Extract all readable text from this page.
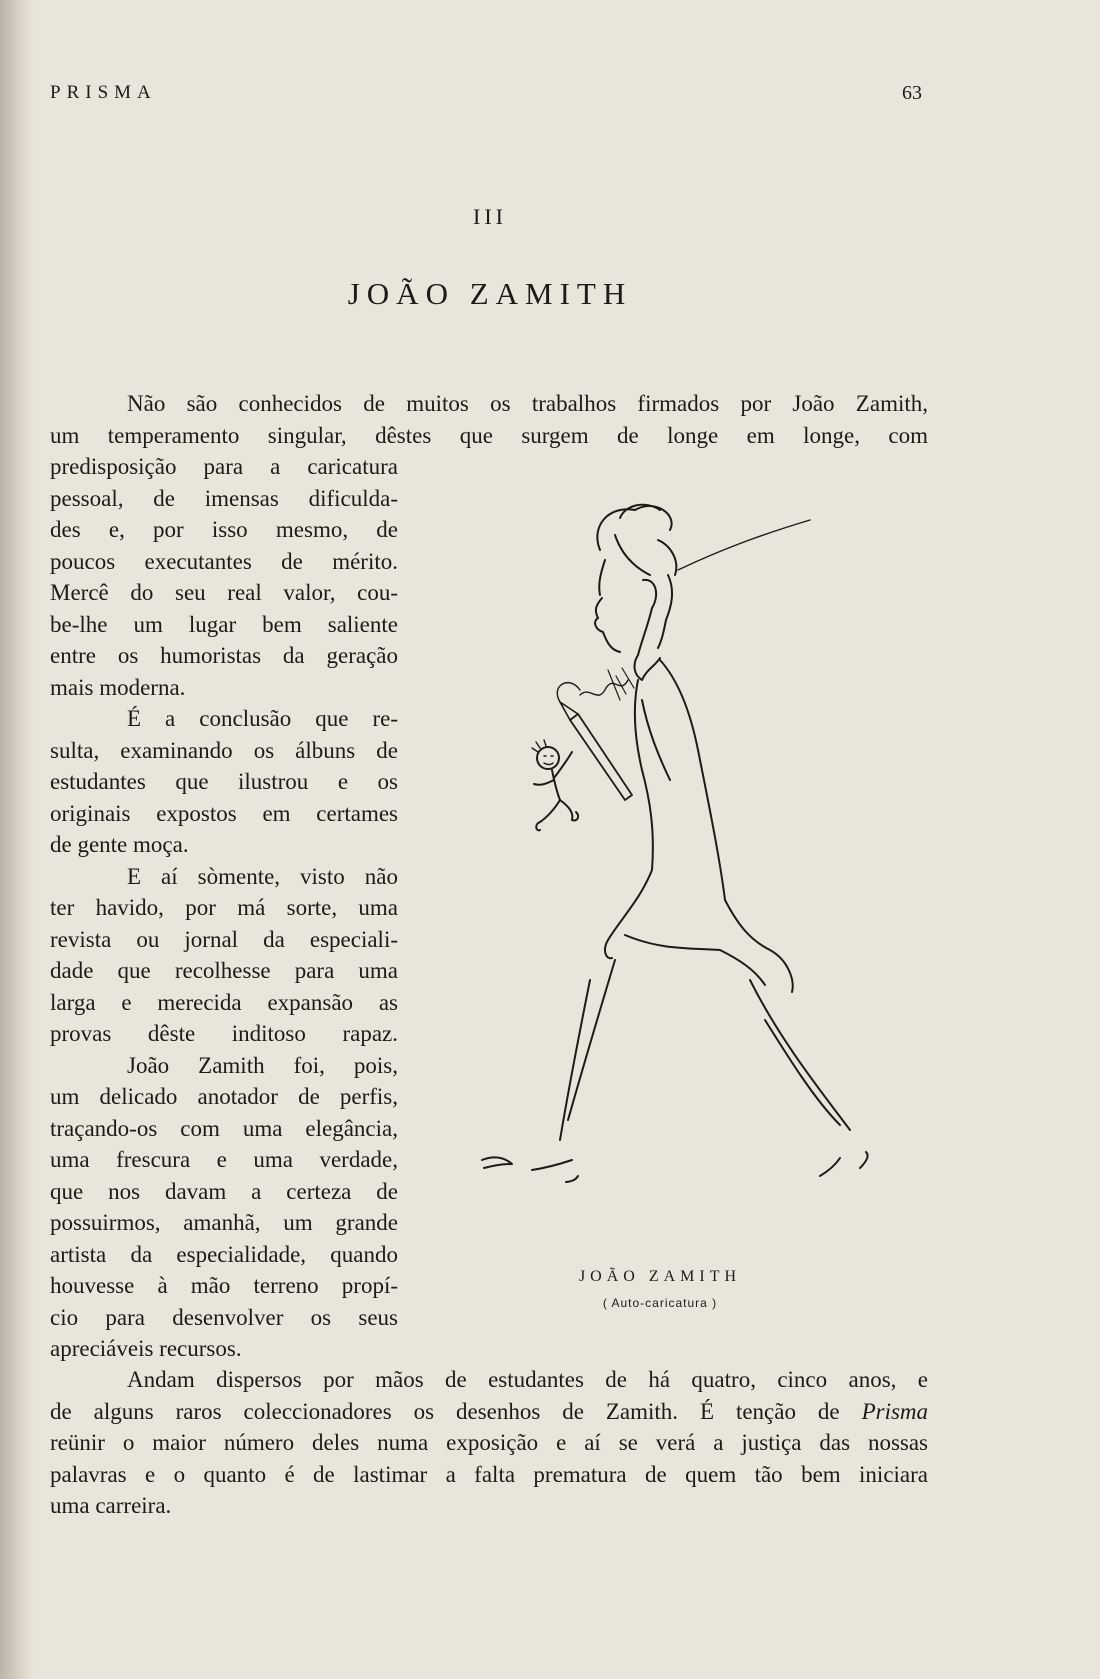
PRISMA	63
III
JOÃO ZAMITH
Não são conhecidos de muitos os trabalhos firmados por João Zamith,
um temperamento singular, dêstes que surgem de longe em longe, com
predisposição para a caricatura
pessoal, de imensas dificulda-
des e, por isso mesmo, de
poucos executantes de mérito.
Mercê do seu real valor, cou-
be-lhe um lugar bem saliente
entre os humoristas da geração
mais moderna.
É a conclusão que re-
sulta, examinando os álbuns de
estudantes que ilustrou e os
originais expostos em certames
de gente moça.
E aí sòmente, visto não
ter havido, por má sorte, uma
revista ou jornal da especiali-
dade que recolhesse para uma
larga e merecida expansão as
provas dêste inditoso rapaz.
João Zamith foi, pois,
um delicado anotador de perfis,
traçando-os com uma elegância,
uma frescura e uma verdade,
que nos davam a certeza de
possuirmos, amanhã, um grande
artista da especialidade, quando
houvesse à mão terreno propí-
cio para desenvolver os seus
apreciáveis recursos.
Andam dispersos por mãos de estudantes de há quatro, cinco anos, e
de alguns raros coleccionadores os desenhos de Zamith. É tenção de Prisma
reünir o maior número deles numa exposição e aí se verá a justiça das nossas
palavras e o quanto é de lastimar a falta prematura de quem tão bem iniciara
uma carreira.
JOÃO ZAMITH
( Auto-caricatura )
